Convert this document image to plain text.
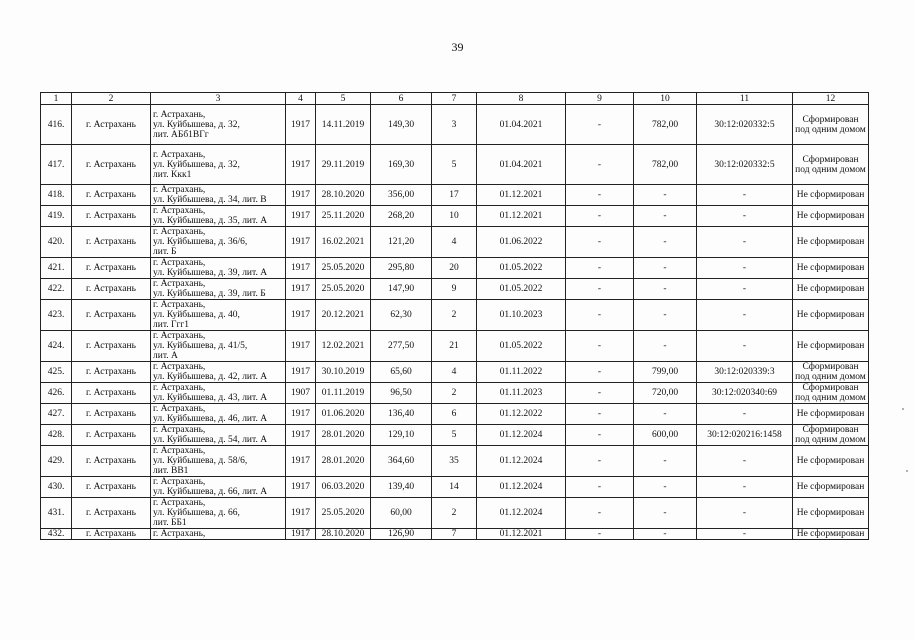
39
1	2	3	4	5	6	7	8	9	10	11	12
416.	г. Астрахань	г. Астрахань,
ул. Куйбышева, д. 32,
лит. АБб1ВГг	1917	14.11.2019	149,30	3	01.04.2021	-	782,00	30:12:020332:5	Сформирован под одним домом
417.	г. Астрахань	г. Астрахань,
ул. Куйбышева, д. 32,
лит. Ккк1	1917	29.11.2019	169,30	5	01.04.2021	-	782,00	30:12:020332:5	Сформирован под одним домом
418.	г. Астрахань	г. Астрахань,
ул. Куйбышева, д. 34, лит. В	1917	28.10.2020	356,00	17	01.12.2021	-	-	-	Не сформирован
419.	г. Астрахань	г. Астрахань,
ул. Куйбышева, д. 35, лит. А	1917	25.11.2020	268,20	10	01.12.2021	-	-	-	Не сформирован
420.	г. Астрахань	г. Астрахань,
ул. Куйбышева, д. 36/6,
лит. Б	1917	16.02.2021	121,20	4	01.06.2022	-	-	-	Не сформирован
421.	г. Астрахань	г. Астрахань,
ул. Куйбышева, д. 39, лит. А	1917	25.05.2020	295,80	20	01.05.2022	-	-	-	Не сформирован
422.	г. Астрахань	г. Астрахань,
ул. Куйбышева, д. 39, лит. Б	1917	25.05.2020	147,90	9	01.05.2022	-	-	-	Не сформирован
423.	г. Астрахань	г. Астрахань,
ул. Куйбышева, д. 40,
лит. Ггг1	1917	20.12.2021	62,30	2	01.10.2023	-	-	-	Не сформирован
424.	г. Астрахань	г. Астрахань,
ул. Куйбышева, д. 41/5,
лит. А	1917	12.02.2021	277,50	21	01.05.2022	-	-	-	Не сформирован
425.	г. Астрахань	г. Астрахань,
ул. Куйбышева, д. 42, лит. А	1917	30.10.2019	65,60	4	01.11.2022	-	799,00	30:12:020339:3	Сформирован под одним домом
426.	г. Астрахань	г. Астрахань,
ул. Куйбышева, д. 43, лит. А	1907	01.11.2019	96,50	2	01.11.2023	-	720,00	30:12:020340:69	Сформирован под одним домом
427.	г. Астрахань	г. Астрахань,
ул. Куйбышева, д. 46, лит. А	1917	01.06.2020	136,40	6	01.12.2022	-	-	-	Не сформирован
428.	г. Астрахань	г. Астрахань,
ул. Куйбышева, д. 54, лит. А	1917	28.01.2020	129,10	5	01.12.2024	-	600,00	30:12:020216:1458	Сформирован под одним домом
429.	г. Астрахань	г. Астрахань,
ул. Куйбышева, д. 58/6,
лит. ВВ1	1917	28.01.2020	364,60	35	01.12.2024	-	-	-	Не сформирован
430.	г. Астрахань	г. Астрахань,
ул. Куйбышева, д. 66, лит. А	1917	06.03.2020	139,40	14	01.12.2024	-	-	-	Не сформирован
431.	г. Астрахань	г. Астрахань,
ул. Куйбышева, д. 66,
лит. ББ1	1917	25.05.2020	60,00	2	01.12.2024	-	-	-	Не сформирован
432.	г. Астрахань	г. Астрахань,	1917	28.10.2020	126,90	7	01.12.2021	-	-	-	Не сформирован
